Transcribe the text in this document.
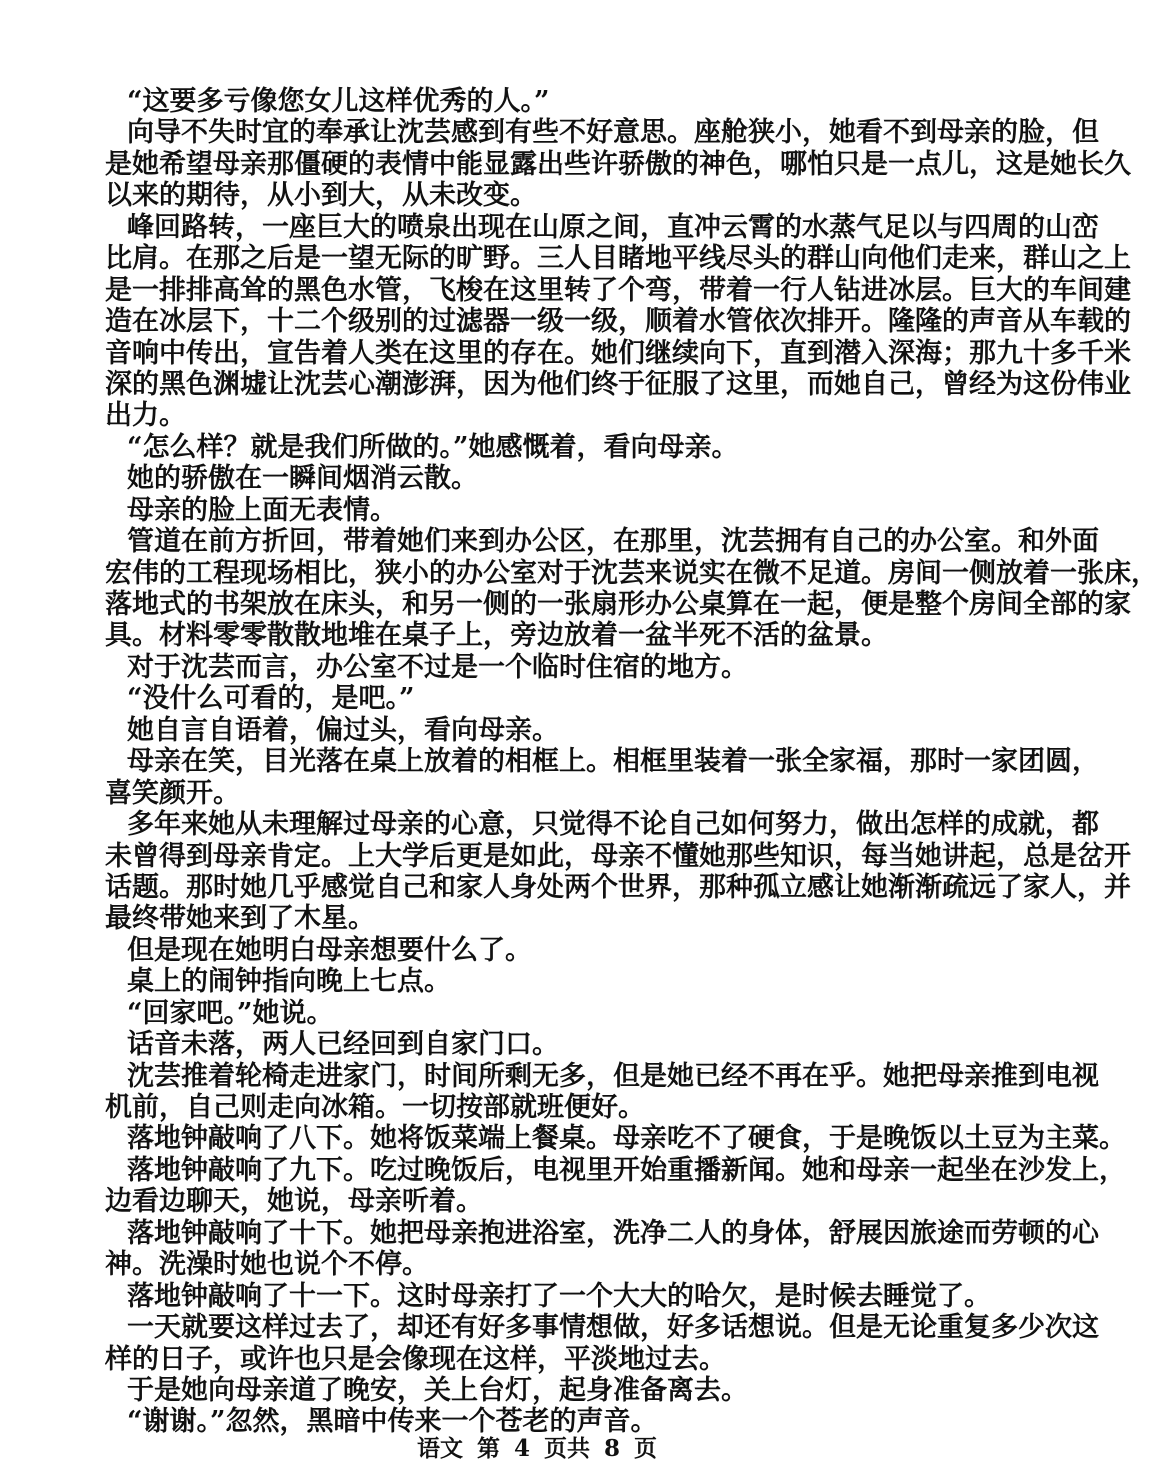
“这要多亏像您女儿这样优秀的人。”
向导不失时宜的奉承让沈芸感到有些不好意思。座舱狭小，她看不到母亲的脸，但
是她希望母亲那僵硬的表情中能显露出些许骄傲的神色，哪怕只是一点儿，这是她长久
以来的期待，从小到大，从未改变。
峰回路转，一座巨大的喷泉出现在山原之间，直冲云霄的水蒸气足以与四周的山峦
比肩。在那之后是一望无际的旷野。三人目睹地平线尽头的群山向他们走来，群山之上
是一排排高耸的黑色水管，飞梭在这里转了个弯，带着一行人钻进冰层。巨大的车间建
造在冰层下，十二个级别的过滤器一级一级，顺着水管依次排开。隆隆的声音从车载的
音响中传出，宣告着人类在这里的存在。她们继续向下，直到潜入深海；那九十多千米
深的黑色渊墟让沈芸心潮澎湃，因为他们终于征服了这里，而她自己，曾经为这份伟业
出力。
“怎么样？就是我们所做的。”她感慨着，看向母亲。
她的骄傲在一瞬间烟消云散。
母亲的脸上面无表情。
管道在前方折回，带着她们来到办公区，在那里，沈芸拥有自己的办公室。和外面
宏伟的工程现场相比，狭小的办公室对于沈芸来说实在微不足道。房间一侧放着一张床，
落地式的书架放在床头，和另一侧的一张扇形办公桌算在一起，便是整个房间全部的家
具。材料零零散散地堆在桌子上，旁边放着一盆半死不活的盆景。
对于沈芸而言，办公室不过是一个临时住宿的地方。
“没什么可看的，是吧。”
她自言自语着，偏过头，看向母亲。
母亲在笑，目光落在桌上放着的相框上。相框里装着一张全家福，那时一家团圆，
喜笑颜开。
多年来她从未理解过母亲的心意，只觉得不论自己如何努力，做出怎样的成就，都
未曾得到母亲肯定。上大学后更是如此，母亲不懂她那些知识，每当她讲起，总是岔开
话题。那时她几乎感觉自己和家人身处两个世界，那种孤立感让她渐渐疏远了家人，并
最终带她来到了木星。
但是现在她明白母亲想要什么了。
桌上的闹钟指向晚上七点。
“回家吧。”她说。
话音未落，两人已经回到自家门口。
沈芸推着轮椅走进家门，时间所剩无多，但是她已经不再在乎。她把母亲推到电视
机前，自己则走向冰箱。一切按部就班便好。
落地钟敲响了八下。她将饭菜端上餐桌。母亲吃不了硬食，于是晚饭以土豆为主菜。
落地钟敲响了九下。吃过晚饭后，电视里开始重播新闻。她和母亲一起坐在沙发上，
边看边聊天，她说，母亲听着。
落地钟敲响了十下。她把母亲抱进浴室，洗净二人的身体，舒展因旅途而劳顿的心
神。洗澡时她也说个不停。
落地钟敲响了十一下。这时母亲打了一个大大的哈欠，是时候去睡觉了。
一天就要这样过去了，却还有好多事情想做，好多话想说。但是无论重复多少次这
样的日子，或许也只是会像现在这样，平淡地过去。
于是她向母亲道了晚安，关上台灯，起身准备离去。
“谢谢。”忽然，黑暗中传来一个苍老的声音。
语文 第 4 页共 8 页
